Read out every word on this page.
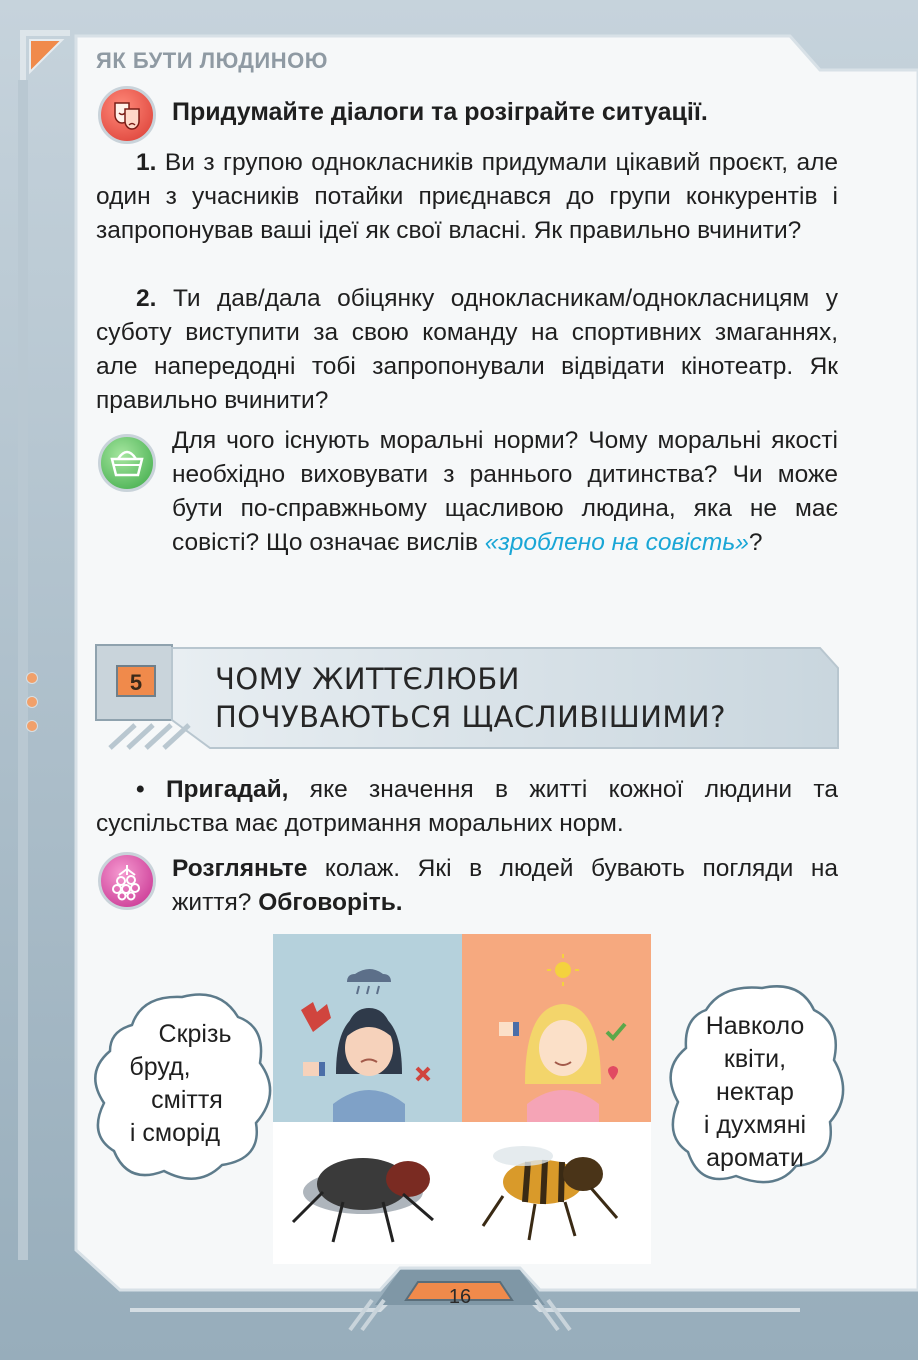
ЯК БУТИ ЛЮДИНОЮ
Придумайте діалоги та розіграйте ситуації.
1. Ви з групою однокласників придумали цікавий проєкт, але один з учасників потайки приєднався до групи конкурентів і запропонував ваші ідеї як свої власні. Як правильно вчинити?
2. Ти дав/дала обіцянку однокласникам/однокласницям у суботу виступити за свою команду на спортивних змаганнях, але напередодні тобі запропонували відвідати кінотеатр. Як правильно вчинити?
Для чого існують моральні норми? Чому моральні якості необхідно виховувати з раннього дитинства? Чи може бути по-справжньому щасливою людина, яка не має совісті? Що означає вислів «зроблено на совість»?
5	ЧОМУ ЖИТТЄЛЮБИ
ПОЧУВАЮТЬСЯ ЩАСЛИВІШИМИ?
• Пригадай, яке значення в житті кожної людини та суспільства має дотримання моральних норм.
Розгляньте колаж. Які в людей бувають погляди на життя? Обговоріть.
Скрізь
бруд,
сміття
і сморід
Навколо
квіти,
нектар
і духмяні
аромати
16
